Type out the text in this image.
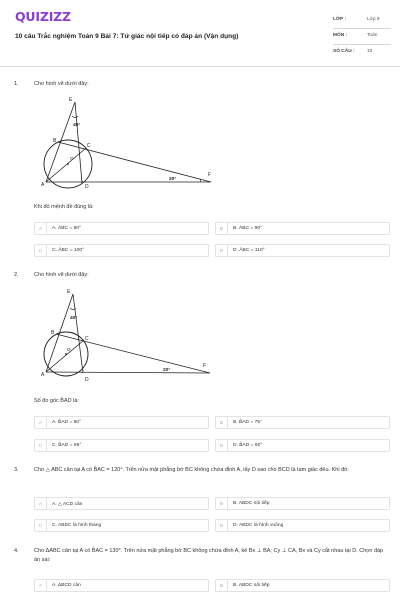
QUIZIZZ
10 câu Trắc nghiệm Toán 9 Bài 7: Tứ giác nội tiếp có đáp án (Vận dụng)
LỚP :	Lớp 9
MÔN :	Toán
SỐ CÂU :	10
1.	Cho hình vẽ dưới đây:
E
B
C
O
A	D
F
40°
20°
Khi đó mệnh đề đúng là:
A	A. ÂBC = 80°	B	B. ÂBC = 90°
C	C. ÂBC = 100°	D	D. ÂBC = 110°
2.	Cho hình vẽ dưới đây:
E
B
C
O
A
D
F
40°
20°
Số đo góc B̂AD là:
A	A. B̂AD = 80°	B	B. B̂AD = 75°
C	C. B̂AD = 65°	D	D. B̂AD = 60°
3.	Cho △ ABC cân tại A có B̂AC = 120°. Trên nửa mặt phẳng bờ BC không chứa đỉnh A, lấy D sao cho BCD là tam giác đều. Khi đó:
A	A. △ ACD cân	B	B. ABDC nội tiếp
C	C. ABDC là hình thang	D	D. ABDC là hình vuông
4.	Cho ΔABC cân tại A có B̂AC = 130°. Trên nửa mặt phẳng bờ BC không chứa đỉnh A, kẻ Bx ⊥ BA; Cy ⊥ CA, Bx và Cy cắt nhau tại D. Chọn đáp án sai:
A	A. ΔBCD cân	B	B. ABDC nội tiếp
